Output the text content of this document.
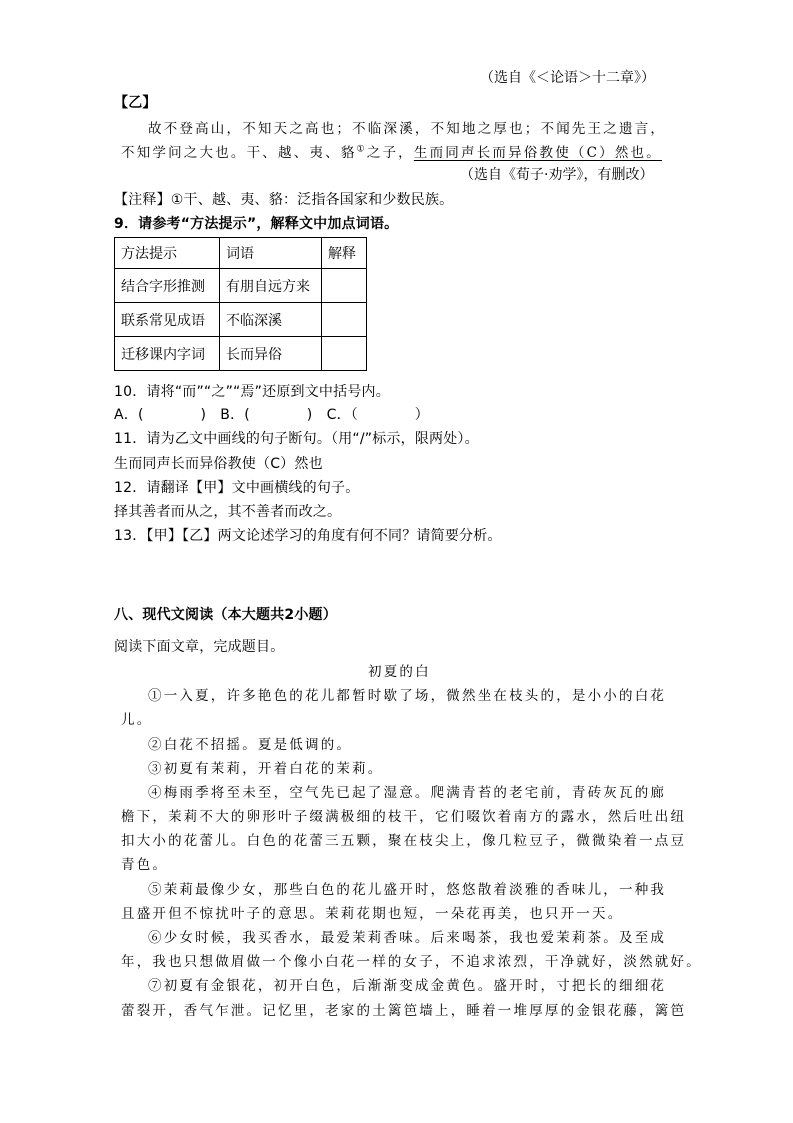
（选自《＜论语＞十二章》）
【乙】
故不登高山，不知天之高也；不临深溪，不知地之厚也；不闻先王之遗言，
不知学问之大也。干、越、夷、貉①之子，生而同声长而异俗教使（C）然也。
（选自《荀子·劝学》，有删改）
【注释】①干、越、夷、貉：泛指各国家和少数民族。
9．请参考“方法提示”，解释文中加点词语。
方法提示	词语	解释
结合字形推测	有朋自远方来	
联系常见成语	不临深溪	
迁移课内字词	长而异俗	
10．请将“而”“之”“焉”还原到文中括号内。
A．(　　　　)　B．(　　　　)　C．（　　　　）
11．请为乙文中画线的句子断句。（用“/”标示，限两处）。
生而同声长而异俗教使（C）然也
12．请翻译【甲】文中画横线的句子。
择其善者而从之，其不善者而改之。
13．【甲】【乙】两文论述学习的角度有何不同？请简要分析。
八、现代文阅读（本大题共2小题）
阅读下面文章，完成题目。
初夏的白
①一入夏，许多艳色的花儿都暂时歇了场，微然坐在枝头的，是小小的白花
儿。
②白花不招摇。夏是低调的。
③初夏有茉莉，开着白花的茉莉。
④梅雨季将至未至，空气先已起了湿意。爬满青苔的老宅前，青砖灰瓦的廊
檐下，茉莉不大的卵形叶子缀满极细的枝干，它们啜饮着南方的露水，然后吐出纽
扣大小的花蕾儿。白色的花蕾三五颗，聚在枝尖上，像几粒豆子，微微染着一点豆
青色。
⑤茉莉最像少女，那些白色的花儿盛开时，悠悠散着淡雅的香味儿，一种我
且盛开但不惊扰叶子的意思。茉莉花期也短，一朵花再美，也只开一天。
⑥少女时候，我买香水，最爱茉莉香味。后来喝茶，我也爱茉莉茶。及至成
年，我也只想做眉做一个像小白花一样的女子，不追求浓烈，干净就好，淡然就好。
⑦初夏有金银花，初开白色，后渐渐变成金黄色。盛开时，寸把长的细细花
蕾裂开，香气乍泄。记忆里，老家的土篱笆墙上，睡着一堆厚厚的金银花藤，篱笆
